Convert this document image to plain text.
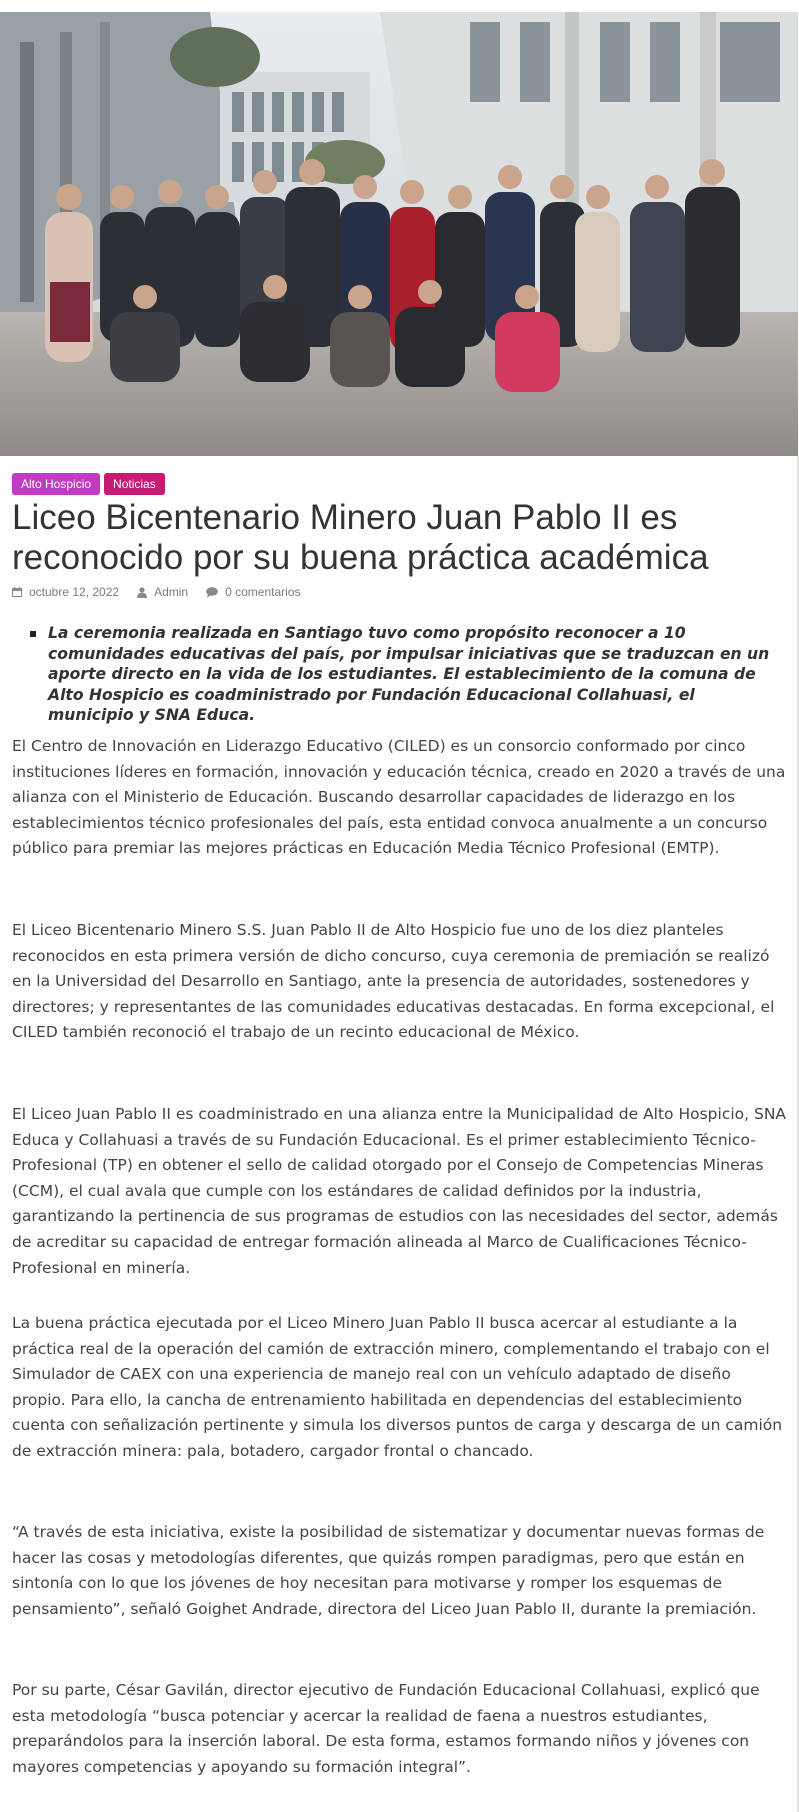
Alto Hospicio	Noticias
Liceo Bicentenario Minero Juan Pablo II es reconocido por su buena práctica académica
octubre 12, 2022	Admin	0 comentarios
La ceremonia realizada en Santiago tuvo como propósito reconocer a 10 comunidades educativas del país, por impulsar iniciativas que se traduzcan en un aporte directo en la vida de los estudiantes. El establecimiento de la comuna de Alto Hospicio es coadministrado por Fundación Educacional Collahuasi, el municipio y SNA Educa.

El Centro de Innovación en Liderazgo Educativo (CILED) es un consorcio conformado por cinco instituciones líderes en formación, innovación y educación técnica, creado en 2020 a través de una alianza con el Ministerio de Educación. Buscando desarrollar capacidades de liderazgo en los establecimientos técnico profesionales del país, esta entidad convoca anualmente a un concurso público para premiar las mejores prácticas en Educación Media Técnico Profesional (EMTP).

El Liceo Bicentenario Minero S.S. Juan Pablo II de Alto Hospicio fue uno de los diez planteles reconocidos en esta primera versión de dicho concurso, cuya ceremonia de premiación se realizó en la Universidad del Desarrollo en Santiago, ante la presencia de autoridades, sostenedores y directores; y representantes de las comunidades educativas destacadas. En forma excepcional, el CILED también reconoció el trabajo de un recinto educacional de México.

El Liceo Juan Pablo II es coadministrado en una alianza entre la Municipalidad de Alto Hospicio, SNA Educa y Collahuasi a través de su Fundación Educacional. Es el primer establecimiento Técnico-Profesional (TP) en obtener el sello de calidad otorgado por el Consejo de Competencias Mineras (CCM), el cual avala que cumple con los estándares de calidad definidos por la industria, garantizando la pertinencia de sus programas de estudios con las necesidades del sector, además de acreditar su capacidad de entregar formación alineada al Marco de Cualificaciones Técnico-Profesional en minería.

La buena práctica ejecutada por el Liceo Minero Juan Pablo II busca acercar al estudiante a la práctica real de la operación del camión de extracción minero, complementando el trabajo con el Simulador de CAEX con una experiencia de manejo real con un vehículo adaptado de diseño propio. Para ello, la cancha de entrenamiento habilitada en dependencias del establecimiento cuenta con señalización pertinente y simula los diversos puntos de carga y descarga de un camión de extracción minera: pala, botadero, cargador frontal o chancado.

“A través de esta iniciativa, existe la posibilidad de sistematizar y documentar nuevas formas de hacer las cosas y metodologías diferentes, que quizás rompen paradigmas, pero que están en sintonía con lo que los jóvenes de hoy necesitan para motivarse y romper los esquemas de pensamiento”, señaló Goighet Andrade, directora del Liceo Juan Pablo II, durante la premiación.

Por su parte, César Gavilán, director ejecutivo de Fundación Educacional Collahuasi, explicó que esta metodología “busca potenciar y acercar la realidad de faena a nuestros estudiantes, preparándolos para la inserción laboral. De esta forma, estamos formando niños y jóvenes con mayores competencias y apoyando su formación integral”.
